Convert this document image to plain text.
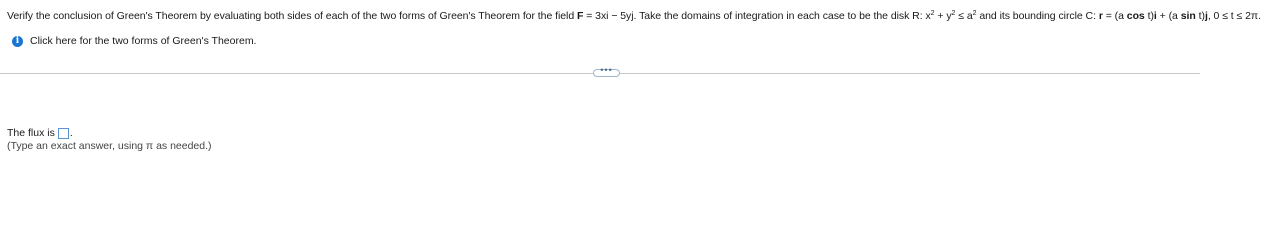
Verify the conclusion of Green's Theorem by evaluating both sides of each of the two forms of Green's Theorem for the field F = 3xi − 5yj. Take the domains of integration in each case to be the disk R: $x^2 + y^2 \le a^2$ and its bounding circle C: r = (a cos t)i + (a sin t)j, 0 ≤ t ≤ 2π.
i	Click here for the two forms of Green's Theorem.
•••
The flux is .
(Type an exact answer, using π as needed.)
